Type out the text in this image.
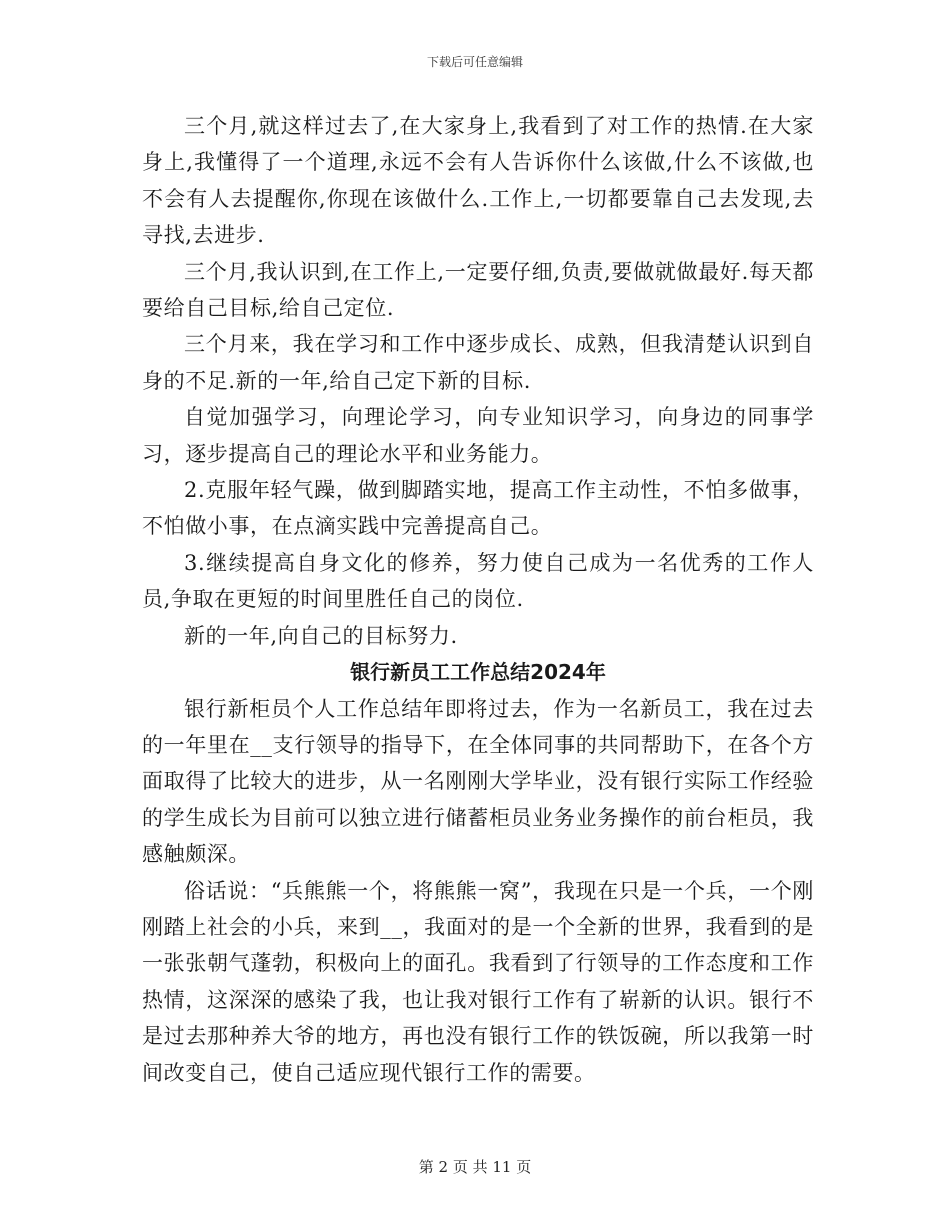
下载后可任意编辑

三个月,就这样过去了,在大家身上,我看到了对工作的热情.在大家身上,我懂得了一个道理,永远不会有人告诉你什么该做,什么不该做,也不会有人去提醒你,你现在该做什么.工作上,一切都要靠自己去发现,去寻找,去进步.

三个月,我认识到,在工作上,一定要仔细,负责,要做就做最好.每天都要给自己目标,给自己定位.

三个月来，我在学习和工作中逐步成长、成熟，但我清楚认识到自身的不足.新的一年,给自己定下新的目标.

自觉加强学习，向理论学习，向专业知识学习，向身边的同事学习，逐步提高自己的理论水平和业务能力。

2.克服年轻气躁，做到脚踏实地，提高工作主动性，不怕多做事，不怕做小事，在点滴实践中完善提高自己。

3.继续提高自身文化的修养，努力使自己成为一名优秀的工作人员,争取在更短的时间里胜任自己的岗位.

新的一年,向自己的目标努力.

银行新员工工作总结2024年

银行新柜员个人工作总结年即将过去，作为一名新员工，我在过去的一年里在__支行领导的指导下，在全体同事的共同帮助下，在各个方面取得了比较大的进步，从一名刚刚大学毕业，没有银行实际工作经验的学生成长为目前可以独立进行储蓄柜员业务业务操作的前台柜员，我感触颇深。

俗话说：“兵熊熊一个，将熊熊一窝”，我现在只是一个兵，一个刚刚踏上社会的小兵，来到__，我面对的是一个全新的世界，我看到的是一张张朝气蓬勃，积极向上的面孔。我看到了行领导的工作态度和工作热情，这深深的感染了我，也让我对银行工作有了崭新的认识。银行不是过去那种养大爷的地方，再也没有银行工作的铁饭碗，所以我第一时间改变自己，使自己适应现代银行工作的需要。

第 2 页 共 11 页
